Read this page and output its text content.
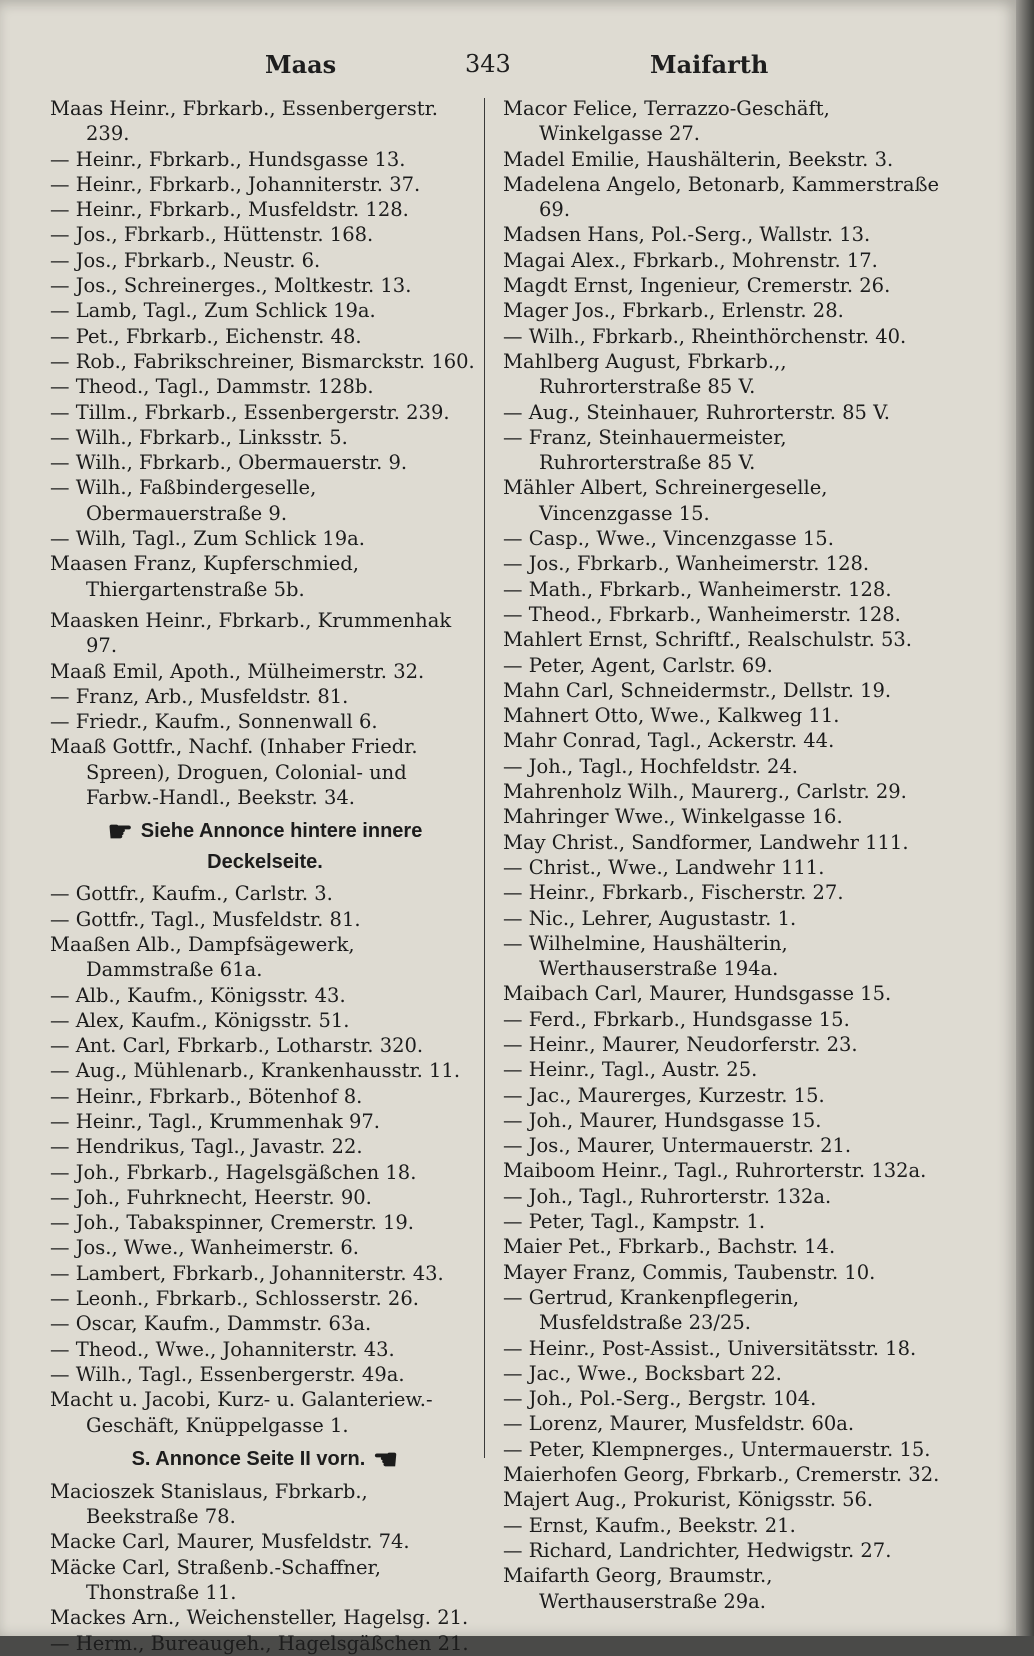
Maas	343	Maifarth
Maas Heinr., Fbrkarb., Essenbergerstr. 239.
— Heinr., Fbrkarb., Hundsgasse 13.
— Heinr., Fbrkarb., Johanniterstr. 37.
— Heinr., Fbrkarb., Musfeldstr. 128.
— Jos., Fbrkarb., Hüttenstr. 168.
— Jos., Fbrkarb., Neustr. 6.
— Jos., Schreinerges., Moltkestr. 13.
— Lamb, Tagl., Zum Schlick 19a.
— Pet., Fbrkarb., Eichenstr. 48.
— Rob., Fabrikschreiner, Bismarckstr. 160.
— Theod., Tagl., Dammstr. 128b.
— Tillm., Fbrkarb., Essenbergerstr. 239.
— Wilh., Fbrkarb., Linksstr. 5.
— Wilh., Fbrkarb., Obermauerstr. 9.
— Wilh., Faßbindergeselle, Obermauerstraße 9.
— Wilh, Tagl., Zum Schlick 19a.
Maasen Franz, Kupferschmied, Thiergartenstraße 5b.
Maasken Heinr., Fbrkarb., Krummenhak 97.
Maaß Emil, Apoth., Mülheimerstr. 32.
— Franz, Arb., Musfeldstr. 81.
— Friedr., Kaufm., Sonnenwall 6.
Maaß Gottfr., Nachf. (Inhaber Friedr. Spreen), Droguen, Colonial- und Farbw.-Handl., Beekstr. 34.
☛ Siehe Annonce hintere innere Deckelseite.
— Gottfr., Kaufm., Carlstr. 3.
— Gottfr., Tagl., Musfeldstr. 81.
Maaßen Alb., Dampfsägewerk, Dammstraße 61a.
— Alb., Kaufm., Königsstr. 43.
— Alex, Kaufm., Königsstr. 51.
— Ant. Carl, Fbrkarb., Lotharstr. 320.
— Aug., Mühlenarb., Krankenhausstr. 11.
— Heinr., Fbrkarb., Bötenhof 8.
— Heinr., Tagl., Krummenhak 97.
— Hendrikus, Tagl., Javastr. 22.
— Joh., Fbrkarb., Hagelsgäßchen 18.
— Joh., Fuhrknecht, Heerstr. 90.
— Joh., Tabakspinner, Cremerstr. 19.
— Jos., Wwe., Wanheimerstr. 6.
— Lambert, Fbrkarb., Johanniterstr. 43.
— Leonh., Fbrkarb., Schlosserstr. 26.
— Oscar, Kaufm., Dammstr. 63a.
— Theod., Wwe., Johanniterstr. 43.
— Wilh., Tagl., Essenbergerstr. 49a.
Macht u. Jacobi, Kurz- u. Galanteriew.-Geschäft, Knüppelgasse 1.
S. Annonce Seite II vorn. ☛
Macioszek Stanislaus, Fbrkarb., Beekstraße 78.
Macke Carl, Maurer, Musfeldstr. 74.
Mäcke Carl, Straßenb.-Schaffner, Thonstraße 11.
Mackes Arn., Weichensteller, Hagelsg. 21.
— Herm., Bureaugeh., Hagelsgäßchen 21.
Macor Felice, Terrazzo-Geschäft, Winkelgasse 27.
Madel Emilie, Haushälterin, Beekstr. 3.
Madelena Angelo, Betonarb, Kammerstraße 69.
Madsen Hans, Pol.-Serg., Wallstr. 13.
Magai Alex., Fbrkarb., Mohrenstr. 17.
Magdt Ernst, Ingenieur, Cremerstr. 26.
Mager Jos., Fbrkarb., Erlenstr. 28.
— Wilh., Fbrkarb., Rheinthörchenstr. 40.
Mahlberg August, Fbrkarb.,, Ruhrorterstraße 85 V.
— Aug., Steinhauer, Ruhrorterstr. 85 V.
— Franz, Steinhauermeister, Ruhrorterstraße 85 V.
Mähler Albert, Schreinergeselle, Vincenzgasse 15.
— Casp., Wwe., Vincenzgasse 15.
— Jos., Fbrkarb., Wanheimerstr. 128.
— Math., Fbrkarb., Wanheimerstr. 128.
— Theod., Fbrkarb., Wanheimerstr. 128.
Mahlert Ernst, Schriftf., Realschulstr. 53.
— Peter, Agent, Carlstr. 69.
Mahn Carl, Schneidermstr., Dellstr. 19.
Mahnert Otto, Wwe., Kalkweg 11.
Mahr Conrad, Tagl., Ackerstr. 44.
— Joh., Tagl., Hochfeldstr. 24.
Mahrenholz Wilh., Maurerg., Carlstr. 29.
Mahringer Wwe., Winkelgasse 16.
May Christ., Sandformer, Landwehr 111.
— Christ., Wwe., Landwehr 111.
— Heinr., Fbrkarb., Fischerstr. 27.
— Nic., Lehrer, Augustastr. 1.
— Wilhelmine, Haushälterin, Werthauserstraße 194a.
Maibach Carl, Maurer, Hundsgasse 15.
— Ferd., Fbrkarb., Hundsgasse 15.
— Heinr., Maurer, Neudorferstr. 23.
— Heinr., Tagl., Austr. 25.
— Jac., Maurerges, Kurzestr. 15.
— Joh., Maurer, Hundsgasse 15.
— Jos., Maurer, Untermauerstr. 21.
Maiboom Heinr., Tagl., Ruhrorterstr. 132a.
— Joh., Tagl., Ruhrorterstr. 132a.
— Peter, Tagl., Kampstr. 1.
Maier Pet., Fbrkarb., Bachstr. 14.
Mayer Franz, Commis, Taubenstr. 10.
— Gertrud, Krankenpflegerin, Musfeldstraße 23/25.
— Heinr., Post-Assist., Universitätsstr. 18.
— Jac., Wwe., Bocksbart 22.
— Joh., Pol.-Serg., Bergstr. 104.
— Lorenz, Maurer, Musfeldstr. 60a.
— Peter, Klempnerges., Untermauerstr. 15.
Maierhofen Georg, Fbrkarb., Cremerstr. 32.
Majert Aug., Prokurist, Königsstr. 56.
— Ernst, Kaufm., Beekstr. 21.
— Richard, Landrichter, Hedwigstr. 27.
Maifarth Georg, Braumstr., Werthauserstraße 29a.
